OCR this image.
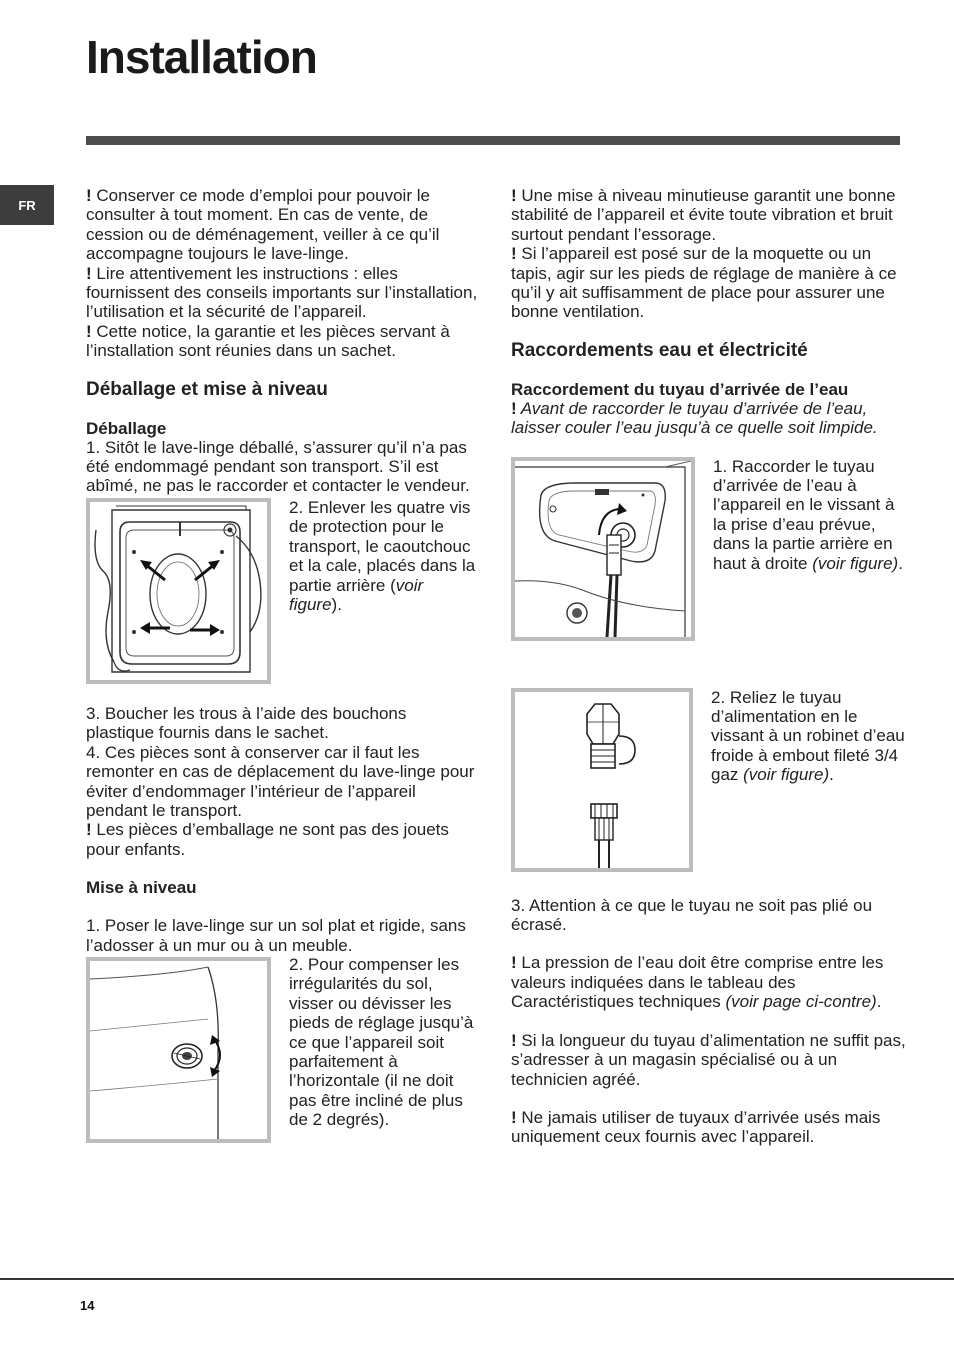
Installation
FR	! Conserver ce mode d’emploi pour pouvoir le consulter à tout moment. En cas de vente, de cession ou de déménagement, veiller à ce qu’il accompagne toujours le lave-linge.

! Lire attentivement les instructions : elles fournissent des conseils importants sur l’installation, l’utilisation et la sécurité de l’appareil.

! Cette notice, la garantie et les pièces servant à l’installation sont réunies dans un sachet.

Déballage et mise à niveau
Déballage

1. Sitôt le lave-linge déballé, s’assurer qu’il n’a pas été endommagé pendant son transport. S’il est abîmé, ne pas le raccorder et contacter le vendeur.

2. Enlever les quatre vis de protection pour le transport, le caoutchouc et la cale, placés dans la partie arrière (voir figure).

3. Boucher les trous à l’aide des bouchons plastique fournis dans le sachet.

4. Ces pièces sont à conserver car il faut les remonter en cas de déplacement du lave-linge pour éviter d’endommager l’intérieur de l’appareil pendant le transport.

! Les pièces d’emballage ne sont pas des jouets pour enfants.

Mise à niveau

1. Poser le lave-linge sur un sol plat et rigide, sans l’adosser à un mur ou à un meuble.

2. Pour compenser les irrégularités du sol, visser ou dévisser les pieds de réglage jusqu’à ce que l’appareil soit parfaitement à l’horizontale (il ne doit pas être incliné de plus de 2 degrés).

! Une mise à niveau minutieuse garantit une bonne stabilité de l’appareil et évite toute vibration et bruit surtout pendant l’essorage.

! Si l’appareil est posé sur de la moquette ou un tapis, agir sur les pieds de réglage de manière à ce qu’il y ait suffisamment de place pour assurer une bonne ventilation.

Raccordements eau et électricité
Raccordement du tuyau d’arrivée de l’eau

! Avant de raccorder le tuyau d’arrivée de l’eau, laisser couler l’eau jusqu’à ce quelle soit limpide.

1. Raccorder le tuyau d’arrivée de l’eau à l’appareil en le vissant à la prise d’eau prévue, dans la partie arrière en haut à droite (voir figure).

2. Reliez le tuyau d’alimentation en le vissant à un robinet d’eau froide à embout fileté 3/4 gaz (voir figure).

3. Attention à ce que le tuyau ne soit pas plié ou écrasé.

! La pression de l’eau doit être comprise entre les valeurs indiquées dans le tableau des Caractéristiques techniques (voir page ci-contre).

! Si la longueur du tuyau d’alimentation ne suffit pas, s’adresser à un magasin spécialisé ou à un technicien agréé.

! Ne jamais utiliser de tuyaux d’arrivée usés mais uniquement ceux fournis avec l’appareil.

14
